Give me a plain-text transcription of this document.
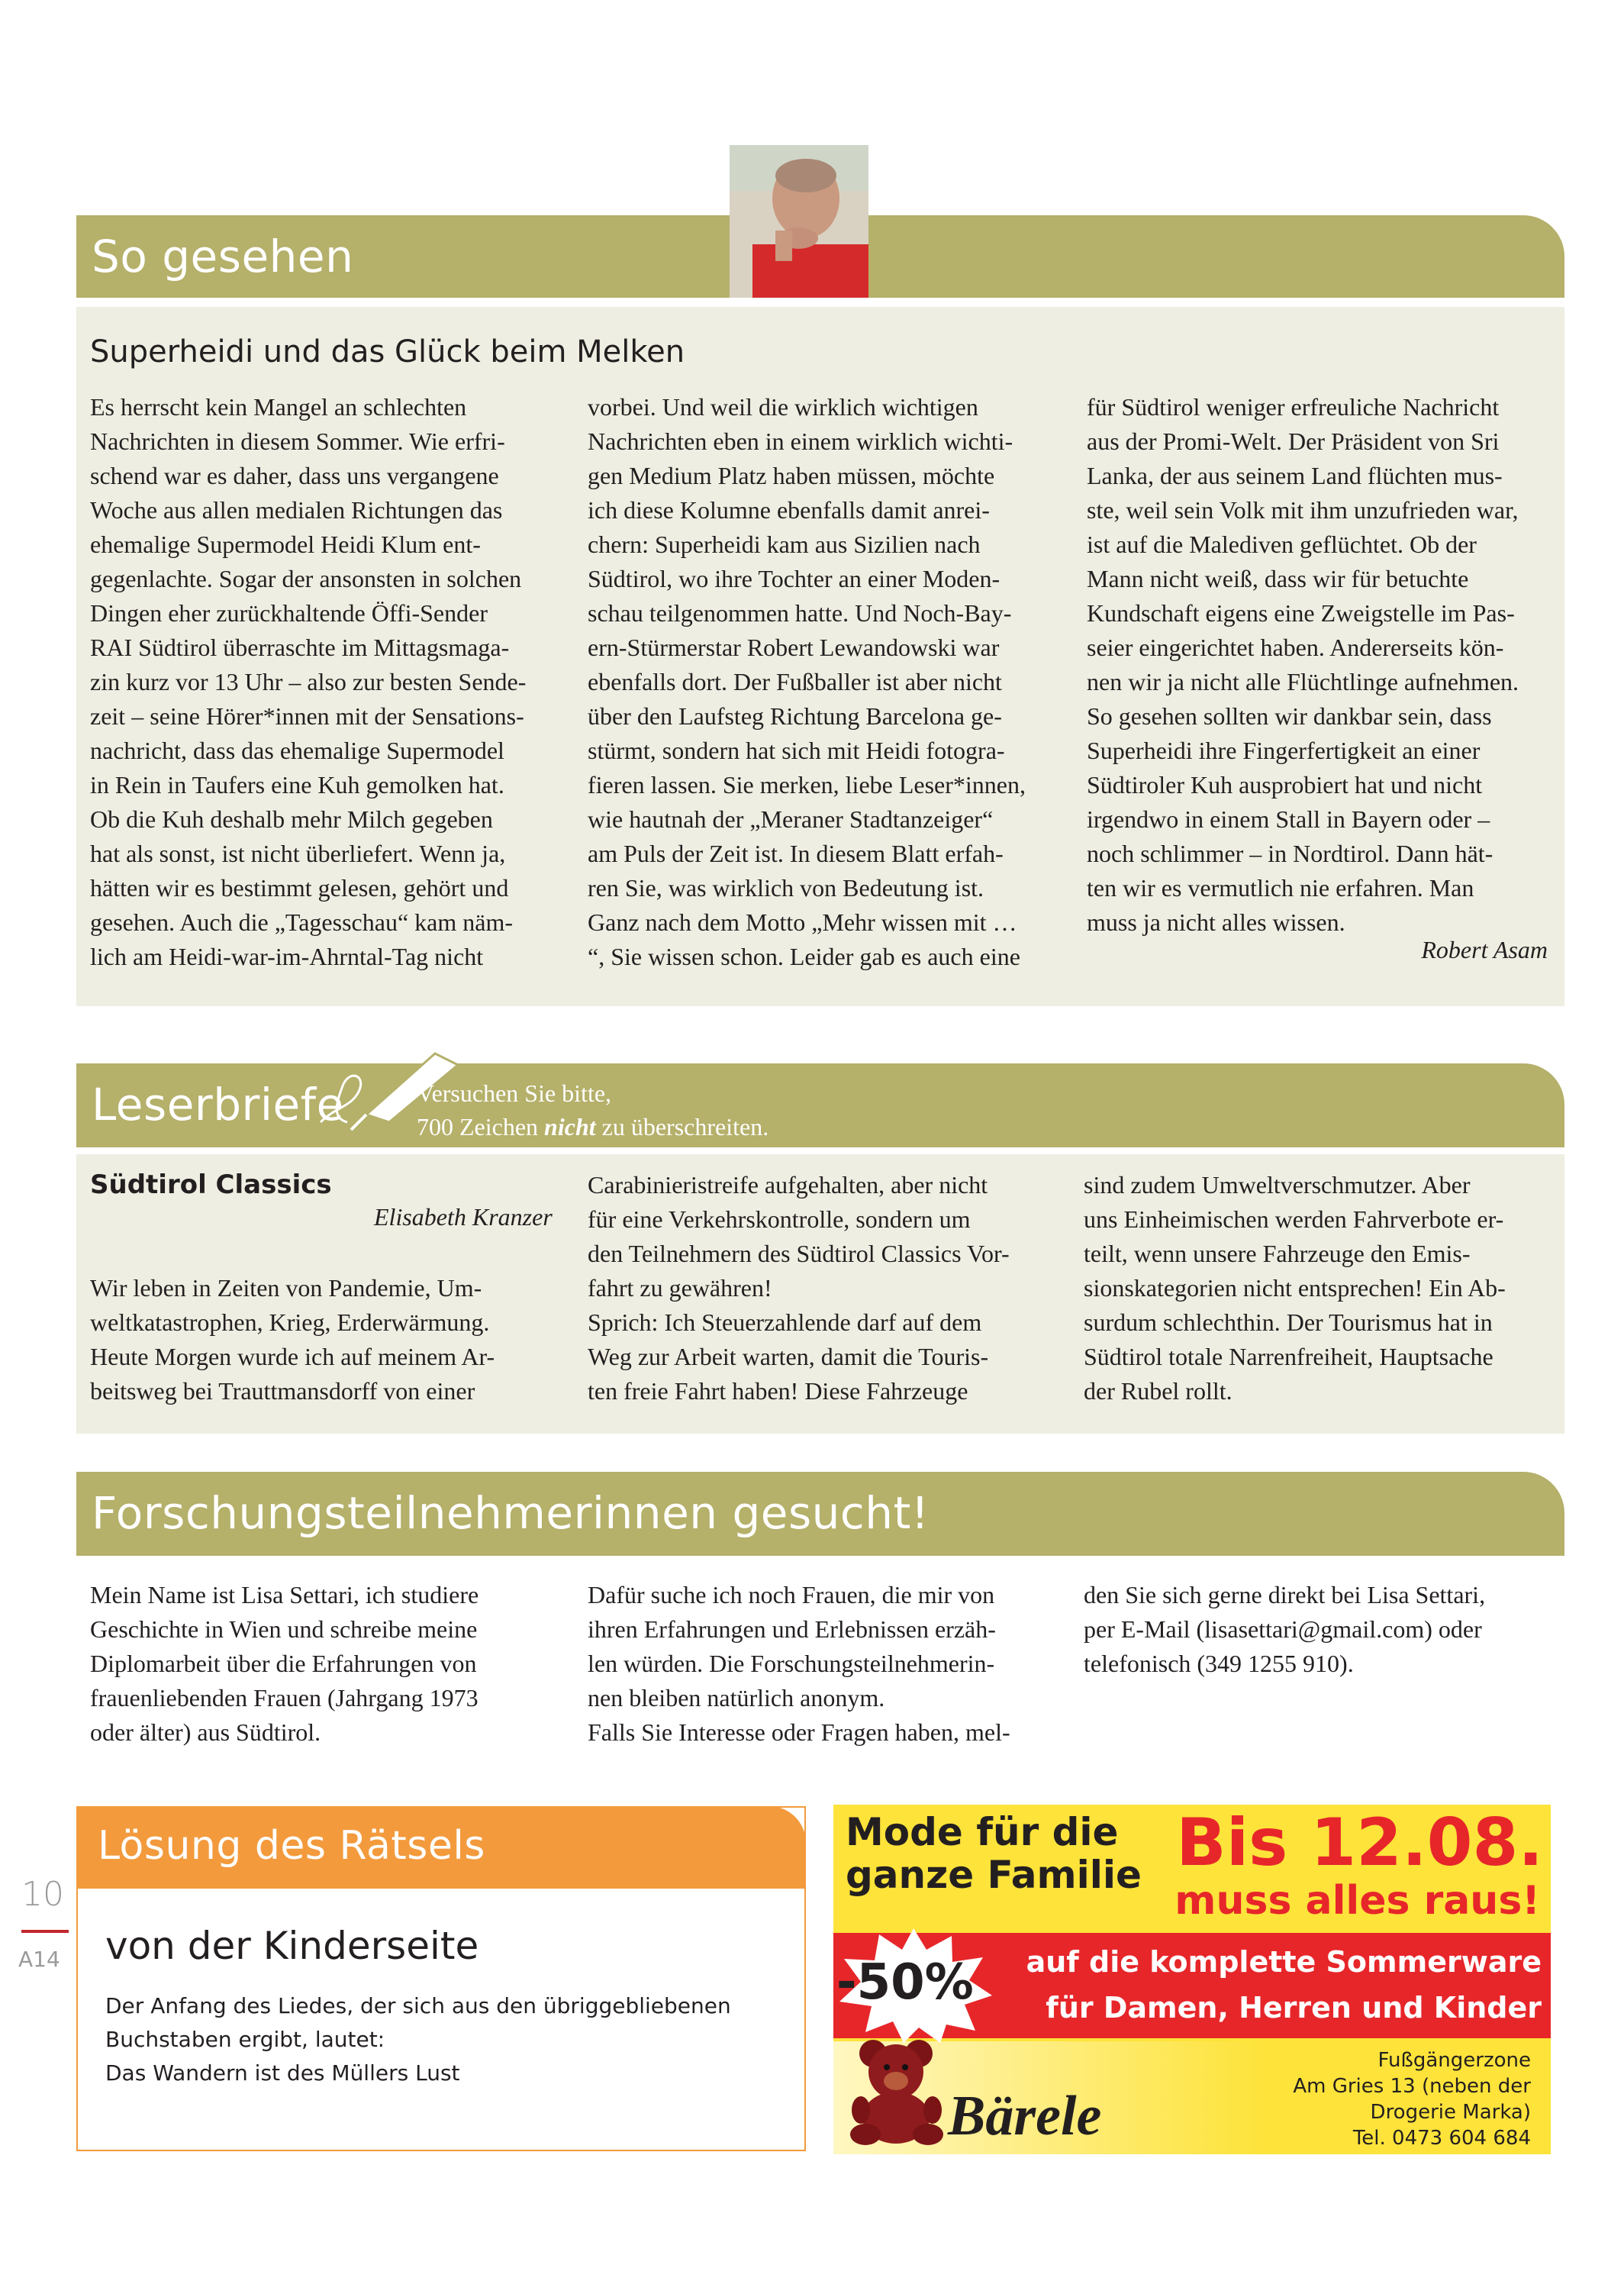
So gesehen
Superheidi und das Glück beim Melken
Es herrscht kein Mangel an schlechten
Nachrichten in diesem Sommer. Wie erfri-
schend war es daher, dass uns vergangene
Woche aus allen medialen Richtungen das
ehemalige Supermodel Heidi Klum ent-
gegenlachte. Sogar der ansonsten in solchen
Dingen eher zurückhaltende Öffi-Sender
RAI Südtirol überraschte im Mittagsmaga-
zin kurz vor 13 Uhr – also zur besten Sende-
zeit – seine Hörer*innen mit der Sensations-
nachricht, dass das ehemalige Supermodel
in Rein in Taufers eine Kuh gemolken hat.
Ob die Kuh deshalb mehr Milch gegeben
hat als sonst, ist nicht überliefert. Wenn ja,
hätten wir es bestimmt gelesen, gehört und
gesehen. Auch die „Tagesschau“ kam näm-
lich am Heidi-war-im-Ahrntal-Tag nicht
vorbei. Und weil die wirklich wichtigen
Nachrichten eben in einem wirklich wichti-
gen Medium Platz haben müssen, möchte
ich diese Kolumne ebenfalls damit anrei-
chern: Superheidi kam aus Sizilien nach
Südtirol, wo ihre Tochter an einer Moden-
schau teilgenommen hatte. Und Noch-Bay-
ern-Stürmerstar Robert Lewandowski war
ebenfalls dort. Der Fußballer ist aber nicht
über den Laufsteg Richtung Barcelona ge-
stürmt, sondern hat sich mit Heidi fotogra-
fieren lassen. Sie merken, liebe Leser*innen,
wie hautnah der „Meraner Stadtanzeiger“
am Puls der Zeit ist. In diesem Blatt erfah-
ren Sie, was wirklich von Bedeutung ist.
Ganz nach dem Motto „Mehr wissen mit …
“, Sie wissen schon. Leider gab es auch eine
für Südtirol weniger erfreuliche Nachricht
aus der Promi-Welt. Der Präsident von Sri
Lanka, der aus seinem Land flüchten mus-
ste, weil sein Volk mit ihm unzufrieden war,
ist auf die Malediven geflüchtet. Ob der
Mann nicht weiß, dass wir für betuchte
Kundschaft eigens eine Zweigstelle im Pas-
seier eingerichtet haben. Andererseits kön-
nen wir ja nicht alle Flüchtlinge aufnehmen.
So gesehen sollten wir dankbar sein, dass
Superheidi ihre Fingerfertigkeit an einer
Südtiroler Kuh ausprobiert hat und nicht
irgendwo in einem Stall in Bayern oder –
noch schlimmer – in Nordtirol. Dann hät-
ten wir es vermutlich nie erfahren. Man
muss ja nicht alles wissen.
Robert Asam
Leserbriefe	Versuchen Sie bitte,
700 Zeichen nicht zu überschreiten.
Südtirol Classics
Elisabeth Kranzer
Wir leben in Zeiten von Pandemie, Um-
weltkatastrophen, Krieg, Erderwärmung.
Heute Morgen wurde ich auf meinem Ar-
beitsweg bei Trauttmansdorff von einer
Carabinieristreife aufgehalten, aber nicht
für eine Verkehrskontrolle, sondern um
den Teilnehmern des Südtirol Classics Vor-
fahrt zu gewähren!
Sprich: Ich Steuerzahlende darf auf dem
Weg zur Arbeit warten, damit die Touris-
ten freie Fahrt haben! Diese Fahrzeuge
sind zudem Umweltverschmutzer. Aber
uns Einheimischen werden Fahrverbote er-
teilt, wenn unsere Fahrzeuge den Emis-
sionskategorien nicht entsprechen! Ein Ab-
surdum schlechthin. Der Tourismus hat in
Südtirol totale Narrenfreiheit, Hauptsache
der Rubel rollt.
Forschungsteilnehmerinnen gesucht!
Mein Name ist Lisa Settari, ich studiere
Geschichte in Wien und schreibe meine
Diplomarbeit über die Erfahrungen von
frauenliebenden Frauen (Jahrgang 1973
oder älter) aus Südtirol.
Dafür suche ich noch Frauen, die mir von
ihren Erfahrungen und Erlebnissen erzäh-
len würden. Die Forschungsteilnehmerin-
nen bleiben natürlich anonym.
Falls Sie Interesse oder Fragen haben, mel-
den Sie sich gerne direkt bei Lisa Settari,
per E-Mail (lisasettari@gmail.com) oder
telefonisch (349 1255 910).
10
A14
Lösung des Rätsels
von der Kinderseite
Der Anfang des Liedes, der sich aus den übriggebliebenen
Buchstaben ergibt, lautet:
Das Wandern ist des Müllers Lust
Mode für die
ganze Familie Bis 12.08.
muss alles raus!
-50%	auf die komplette Sommerware
für Damen, Herren und Kinder
Bärele
Fußgängerzone
Am Gries 13 (neben der
Drogerie Marka)
Tel. 0473 604 684
